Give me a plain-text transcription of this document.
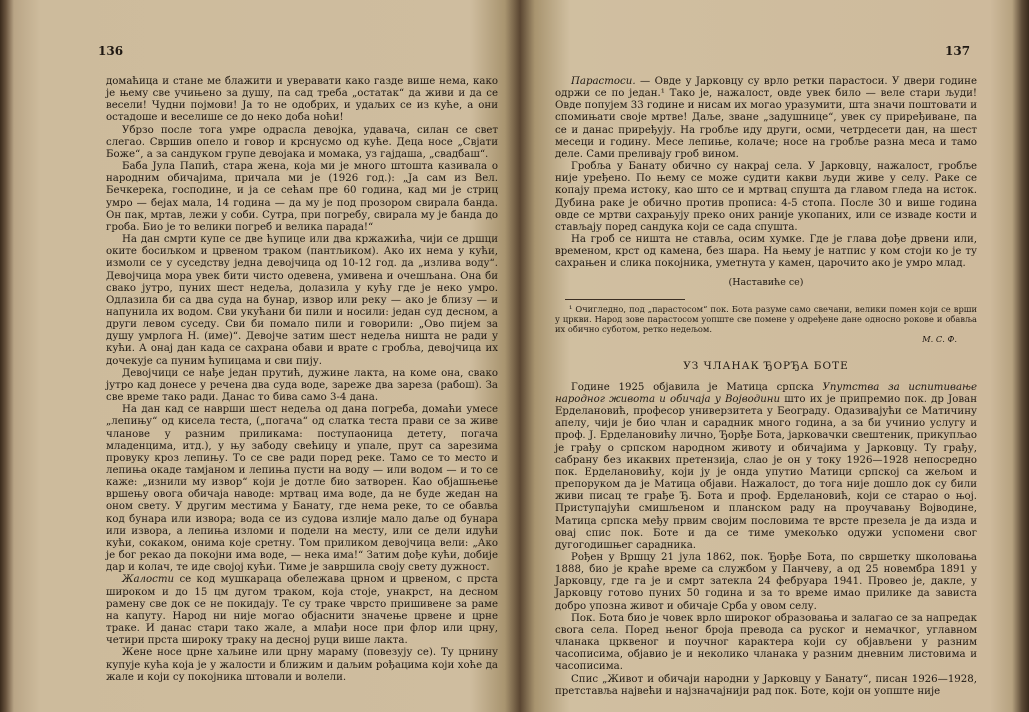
136

домаћица и стане ме блажити и уверавати како газде више нема, како је њему све учињено за душу, па сад треба „остатак“ да живи и да се весели! Чудни појмови! Ја то не одобрих, и удаљих се из куће, а они остадоше и веселише се до неко доба ноћи!

Убрзо после тога умре одрасла девојка, удавача, силан се свет слегао. Свршив опело и говор и крснусмо од куће. Деца носе „Свјати Боже“, а за сандуком групе девојака и момака, уз гајдаша, „свадбаш“.

Баба Јула Папић, стара жена, која ми је много штошта казивала о народним обичајима, причала ми је (1926 год.): „Ја сам из Вел. Бечкерека, господине, и ја се сећам пре 60 година, кад ми је стриц умро — бејах мала, 14 година — да му је под прозором свирала банда. Он пак, мртав, лежи у соби. Сутра, при погребу, свирала му је банда до гроба. Био је то велики погреб и велика парада!“

На дан смрти купе се две ћупице или два кржажића, чији се дршци оките босиљком и црвеном траком (пантљиком). Ако их нема у кући, измоли се у суседству једна девојчица од 10-12 год. да „излива воду“. Девојчица мора увек бити чисто одевена, умивена и очешљана. Она би свако јутро, пуних шест недеља, долазила у кућу где је неко умро. Одлазила би са два суда на бунар, извор или реку — ако је близу — и напунила их водом. Сви укућани би пили и носили: један суд десном, а други левом суседу. Сви би помало пили и говорили: „Ово пијем за душу умрлога Н. (име)“. Девојче затим шест недеља ништа не ради у кући. А онај дан када се сахрана обави и врате с гробља, девојчица их дочекује са пуним ћупицама и сви пију.

Девојчици се нађе један прутић, дужине лакта, на коме она, свако јутро кад донесе у речена два суда воде, зареже два зареза (рабош). За све време тако ради. Данас то бива само 3-4 дана.

На дан кад се наврши шест недеља од дана погреба, домаћи умесе „лепињу“ од кисела теста, („погача“ од слатка теста прави се за живе чланове у разним приликама: поступаоница детету, погача младенцима, итд.), у њу забоду свећицу и упале, прут са зарезима провуку кроз лепињу. То се све ради поред реке. Тамо се то место и лепиња окаде тамјаном и лепиња пусти на воду — или водом — и то се каже: „изнили му извор“ који је дотле био затворен. Као објашњење вршењу овога обичаја наводе: мртвац има воде, да не буде жедан на оном свету. У другим местима у Банату, где нема реке, то се обавља код бунара или извора; вода се из судова излије мало даље од бунара или извора, а лепиња изломи и подели на месту, или се дели идући кући, сокаком, онима које сретну. Том приликом девојчица вели: „Ако је бог рекао да покојни има воде, — нека има!“ Затим дође кући, добије дар и колач, те иде својој кући. Тиме је завршила своју свету дужност.

Жалости се код мушкараца обележава црном и црвеном, с прста широком и до 15 цм дугом траком, која стоје, унакрст, на десном рамену све док се не покидају. Те су траке чврсто пришивене за раме на капуту. Народ ни није могао објаснити значење црвене и црне траке. И данас стари тако жале, а млађи носе при флор или црну, четири прста широку траку на десној руци више лакта.

Жене носе црне хаљине или црну мараму (повезују се). Ту црнину купује кућа која је у жалости и ближим и даљим рођацима који хоће да жале и који су покојника штовали и волели.

137

Парастоси. — Овде у Јарковцу су врло ретки парастоси. У двери године одржи се по један.¹ Тако је, нажалост, овде увек било — веле стари људи! Овде попујем 33 године и нисам их могао уразумити, шта значи поштовати и спомињати своје мртве! Даље, зване „задушнице“, увек су приређиване, па се и данас приређују. На гробље иду други, осми, четрдесети дан, на шест месеци и годину. Месе лепиње, колаче; носе на гробље разна меса и тамо деле. Сами преливају гроб вином.

Гробља у Банату обично су накрај села. У Јарковцу, нажалост, гробље није уређено. По њему се може судити какви људи живе у селу. Раке се копају према истоку, као што се и мртвац спушта да главом гледа на исток. Дубина раке је обично против прописа: 4-5 стопа. После 30 и више година овде се мртви сахрањују преко оних раније укопаних, или се изваде кости и стављају поред сандука који се сада спушта.

На гроб се ништа не ставља, осим хумке. Где је глава дође дрвени или, временом, крст од камена, без шара. На њему је натпис у ком стоји ко је ту сахрањен и слика покојника, уметнута у камен, царочито ако је умро млад.

(Наставиће се)

¹ Очигледно, под „парастосом“ пок. Бота разуме само свечани, велики помен који се врши у цркви. Народ зове парастосом уопште све помене у одређене дане односно рокове и обавља их обично суботом, ретко недељом.

М. С. Ф.

УЗ ЧЛАНАК ЂОРЂА БОТЕ

Године 1925 објавила је Матица српска Упутства за испитивање народног живота и обичаја у Војводини што их је припремио пок. др Јован Ерделановић, професор универзитета у Београду. Одазивајући се Матичину апелу, чији је био члан и сарадник много година, а за би учинио услугу и проф. Ј. Ерделановићу лично, Ђорђе Бота, јарковачки свештеник, прикупљао је грађу о српском народном животу и обичајима у Јарковцу. Ту грађу, сабрану без икаквих претензија, слао је он у току 1926—1928 непосредно пок. Ерделановићу, који ју је онда упутио Матици српској са жељом и препоруком да је Матица објави. Нажалост, до тога није дошло док су били живи писац те грађе Ђ. Бота и проф. Ерделановић, који се старао о њој. Приступајући смишљеном и планском раду на проучавању Војводине, Матица српска међу првим својим пословима те врсте презела је да изда и овај спис пок. Боте и да се тиме умекољко одужи успомени свог дугогодишњег сарадника.

Рођен у Вршцу 21 јула 1862, пок. Ђорђе Бота, по свршетку школовања 1888, био је краће време са службом у Панчеву, а од 25 новембра 1891 у Јарковцу, где га је и смрт затекла 24 фебруара 1941. Провео је, дакле, у Јарковцу готово пуних 50 година и за то време имао прилике да зависта добро упозна живот и обичаје Срба у овом селу.

Пок. Бота био је човек врло широког образовања и залагао се за напредак свога села. Поред њеног броја превода са руског и немачког, углавном чланака црквеног и поучног карактера који су објављени у разним часописима, објавио је и неколико чланака у разним дневним листовима и часописима.

Спис „Живот и обичаји народни у Јарковцу у Банату“, писан 1926—1928, претставља највећи и најзначајнији рад пок. Боте, који он уопште није
